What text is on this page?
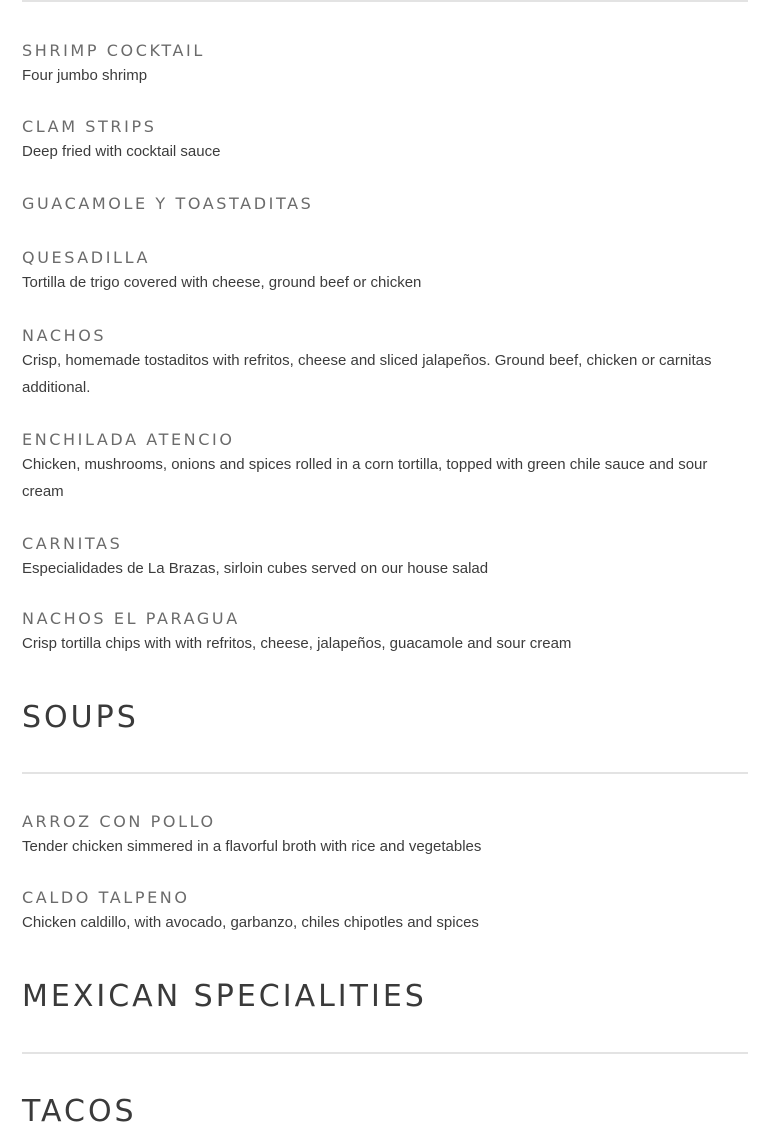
SHRIMP COCKTAIL
Four jumbo shrimp
CLAM STRIPS
Deep fried with cocktail sauce
GUACAMOLE Y TOASTADITAS
QUESADILLA
Tortilla de trigo covered with cheese, ground beef or chicken
NACHOS
Crisp, homemade tostaditos with refritos, cheese and sliced jalapeños. Ground beef, chicken or carnitas additional.
ENCHILADA ATENCIO
Chicken, mushrooms, onions and spices rolled in a corn tortilla, topped with green chile sauce and sour cream
CARNITAS
Especialidades de La Brazas, sirloin cubes served on our house salad
NACHOS EL PARAGUA
Crisp tortilla chips with with refritos, cheese, jalapeños, guacamole and sour cream
SOUPS
ARROZ CON POLLO
Tender chicken simmered in a flavorful broth with rice and vegetables
CALDO TALPENO
Chicken caldillo, with avocado, garbanzo, chiles chipotles and spices
MEXICAN SPECIALITIES
TACOS
